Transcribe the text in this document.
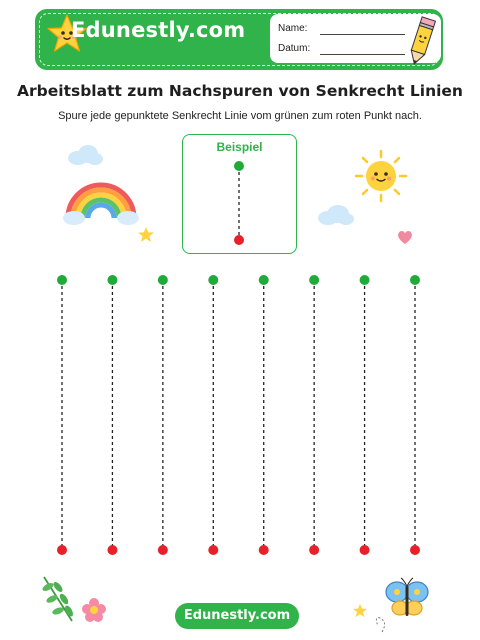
Edunestly.com	Name:
Datum:
Arbeitsblatt zum Nachspuren von Senkrecht Linien
Spure jede gepunktete Senkrecht Linie vom grünen zum roten Punkt nach.
Beispiel
Edunestly.com
